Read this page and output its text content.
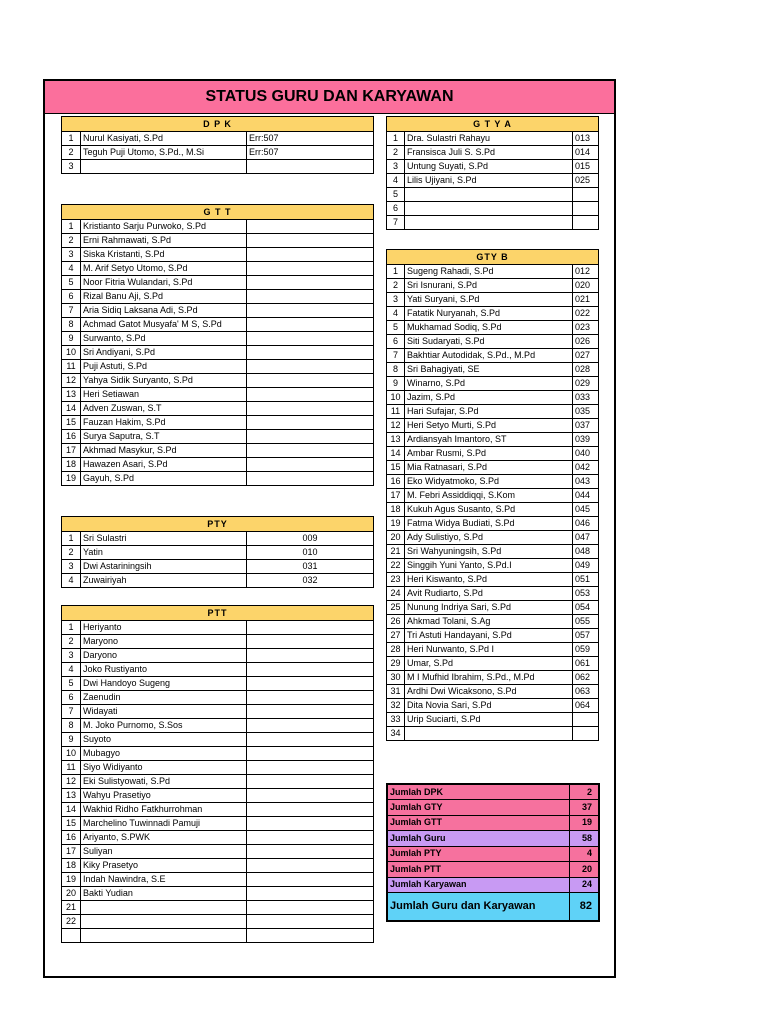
STATUS GURU DAN KARYAWAN
D P K		
1	Nurul Kasiyati, S.Pd	Err:507
2	Teguh Puji Utomo, S.Pd., M.Si	Err:507
3		
G T T		
1	Kristianto Sarju Purwoko, S.Pd	
2	Erni Rahmawati, S.Pd	
3	Siska Kristanti, S.Pd	
4	M. Arif Setyo Utomo, S.Pd	
5	Noor Fitria Wulandari, S.Pd	
6	Rizal Banu Aji, S.Pd	
7	Aria Sidiq Laksana Adi, S.Pd	
8	Achmad Gatot Musyafa' M S, S.Pd	
9	Surwanto, S.Pd	
10	Sri Andiyani, S.Pd	
11	Puji Astuti, S.Pd	
12	Yahya Sidik Suryanto, S.Pd	
13	Heri Setiawan	
14	Adven Zuswan, S.T	
15	Fauzan Hakim, S.Pd	
16	Surya Saputra, S.T	
17	Akhmad Masykur, S.Pd	
18	Hawazen Asari, S.Pd	
19	Gayuh, S.Pd	
PTY		
1	Sri Sulastri	009
2	Yatin	010
3	Dwi Astariningsih	031
4	Zuwairiyah	032
PTT		
1	Heriyanto	
2	Maryono	
3	Daryono	
4	Joko Rustiyanto	
5	Dwi Handoyo Sugeng	
6	Zaenudin	
7	Widayati	
8	M. Joko Purnomo, S.Sos	
9	Suyoto	
10	Mubagyo	
11	Siyo Widiyanto	
12	Eki Sulistyowati, S.Pd	
13	Wahyu Prasetiyo	
14	Wakhid Ridho Fatkhurrohman	
15	Marchelino Tuwinnadi Pamuji	
16	Ariyanto, S.PWK	
17	Suliyan	
18	Kiky Prasetyo	
19	Indah Nawindra, S.E	
20	Bakti Yudian	
21		
22		

G T Y A		
1	Dra. Sulastri Rahayu	013
2	Fransisca Juli S. S.Pd	014
3	Untung Suyati, S.Pd	015
4	Lilis Ujiyani, S.Pd	025
5		
6		
7		
GTY B		
1	Sugeng Rahadi, S.Pd	012
2	Sri Isnurani, S.Pd	020
3	Yati Suryani, S.Pd	021
4	Fatatik Nuryanah, S.Pd	022
5	Mukhamad Sodiq, S.Pd	023
6	Siti Sudaryati, S.Pd	026
7	Bakhtiar Autodidak, S.Pd., M.Pd	027
8	Sri Bahagiyati, SE	028
9	Winarno, S.Pd	029
10	Jazim, S.Pd	033
11	Hari Sufajar, S.Pd	035
12	Heri Setyo Murti, S.Pd	037
13	Ardiansyah Imantoro, ST	039
14	Ambar Rusmi, S.Pd	040
15	Mia Ratnasari, S.Pd	042
16	Eko Widyatmoko, S.Pd	043
17	M. Febri Assiddiqqi, S.Kom	044
18	Kukuh Agus Susanto, S.Pd	045
19	Fatma Widya Budiati, S.Pd	046
20	Ady Sulistiyo, S.Pd	047
21	Sri Wahyuningsih, S.Pd	048
22	Singgih Yuni Yanto, S.Pd.I	049
23	Heri Kiswanto, S.Pd	051
24	Avit Rudiarto, S.Pd	053
25	Nunung Indriya Sari, S.Pd	054
26	Ahkmad Tolani, S.Ag	055
27	Tri Astuti Handayani, S.Pd	057
28	Heri Nurwanto, S.Pd I	059
29	Umar, S.Pd	061
30	M I Mufhid Ibrahim, S.Pd., M.Pd	062
31	Ardhi Dwi Wicaksono, S.Pd	063
32	Dita Novia Sari, S.Pd	064
33	Urip Suciarti, S.Pd	
34		
Jumlah DPK	2
Jumlah GTY	37
Jumlah GTT	19
Jumlah Guru	58
Jumlah PTY	4
Jumlah PTT	20
Jumlah Karyawan	24
Jumlah Guru dan Karyawan	82
